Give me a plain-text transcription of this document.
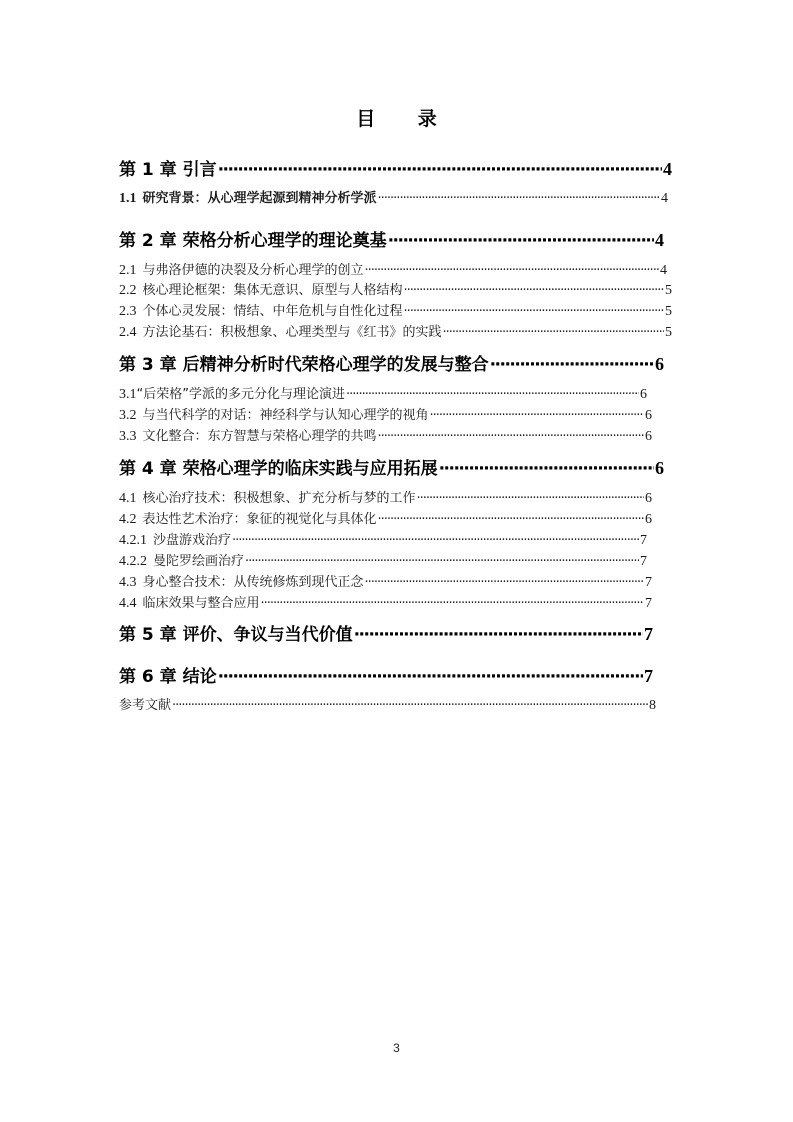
目 录
第 1 章 引言 ·····	4
1.1 研究背景：从心理学起源到精神分析学派 ·····	4
第 2 章 荣格分析心理学的理论奠基 ·····	4
2.1 与弗洛伊德的决裂及分析心理学的创立 ·····	4
2.2 核心理论框架：集体无意识、原型与人格结构 ·····	5
2.3 个体心灵发展：情结、中年危机与自性化过程 ·····	5
2.4 方法论基石：积极想象、心理类型与《红书》的实践 ·····	5
第 3 章 后精神分析时代荣格心理学的发展与整合 ·····	6
3.1 “后荣格”学派的多元分化与理论演进 ·····	6
3.2 与当代科学的对话：神经科学与认知心理学的视角 ·····	6
3.3 文化整合：东方智慧与荣格心理学的共鸣 ·····	6
第 4 章 荣格心理学的临床实践与应用拓展 ·····	6
4.1 核心治疗技术：积极想象、扩充分析与梦的工作 ·····	6
4.2 表达性艺术治疗：象征的视觉化与具体化 ·····	6
4.2.1 沙盘游戏治疗 ·····	7
4.2.2 曼陀罗绘画治疗 ·····	7
4.3 身心整合技术：从传统修炼到现代正念 ·····	7
4.4 临床效果与整合应用 ·····	7
第 5 章 评价、争议与当代价值 ·····	7
第 6 章 结论 ·····	7
参考文献 ·····	8
3
